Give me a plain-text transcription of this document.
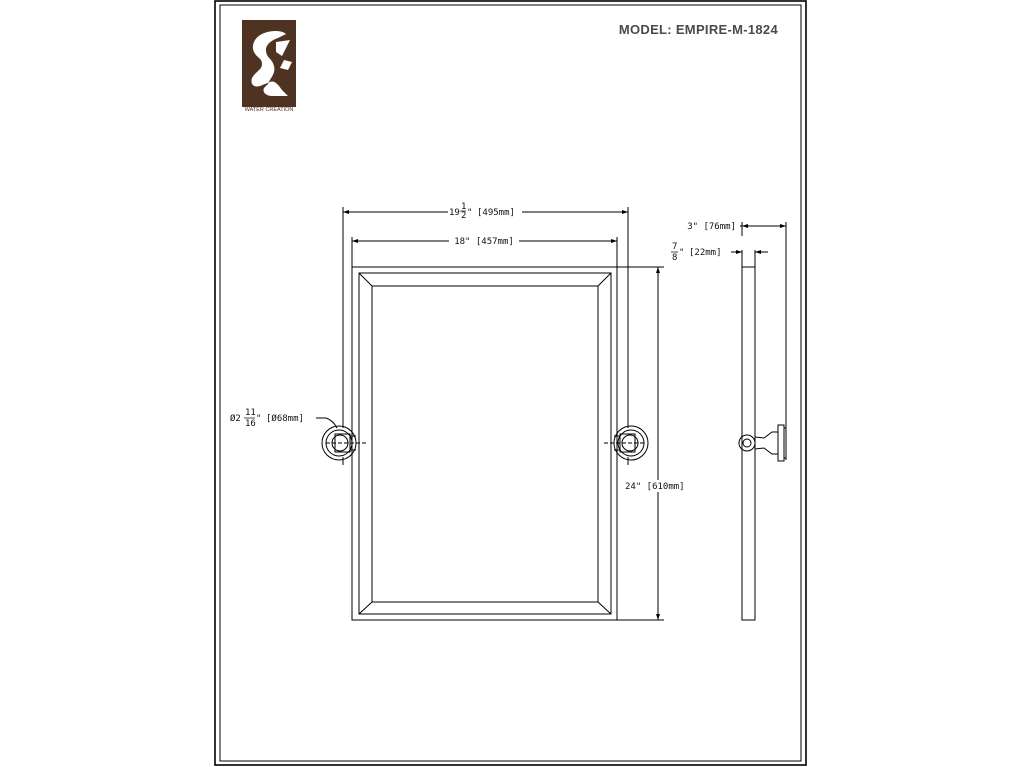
WATER CREATION
MODEL: EMPIRE-M-1824
19
1
2 " [495mm]
18" [457mm]
24" [610mm]
Ø2
11
16 " [Ø68mm]
3" [76mm]
7
8 " [22mm]
